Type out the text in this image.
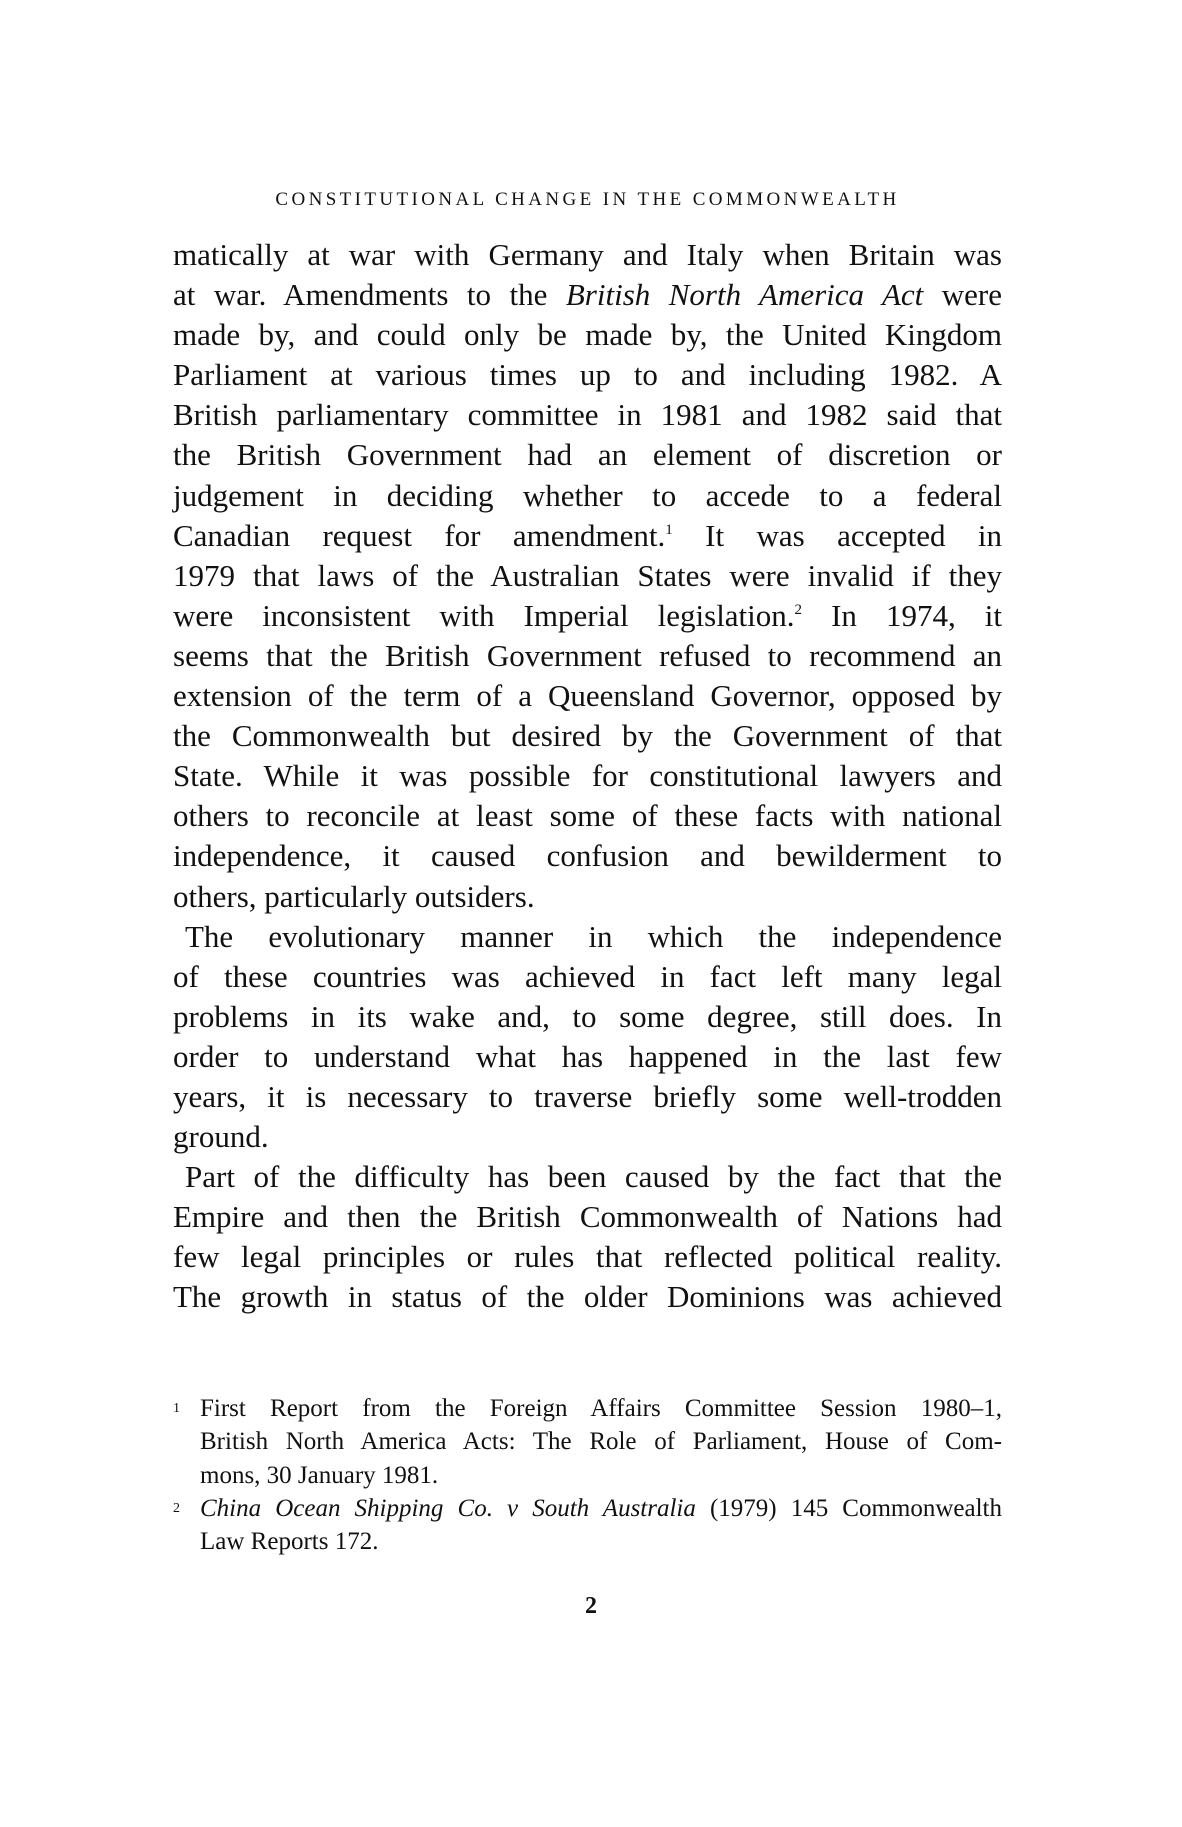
CONSTITUTIONAL CHANGE IN THE COMMONWEALTH
matically at war with Germany and Italy when Britain was
at war. Amendments to the British North America Act were
made by, and could only be made by, the United Kingdom
Parliament at various times up to and including 1982. A
British parliamentary committee in 1981 and 1982 said that
the British Government had an element of discretion or
judgement in deciding whether to accede to a federal
Canadian request for amendment.$^1$ It was accepted in
1979 that laws of the Australian States were invalid if they
were inconsistent with Imperial legislation.$^2$ In 1974, it
seems that the British Government refused to recommend an
extension of the term of a Queensland Governor, opposed by
the Commonwealth but desired by the Government of that
State. While it was possible for constitutional lawyers and
others to reconcile at least some of these facts with national
independence, it caused confusion and bewilderment to
others, particularly outsiders.
The evolutionary manner in which the independence
of these countries was achieved in fact left many legal
problems in its wake and, to some degree, still does. In
order to understand what has happened in the last few
years, it is necessary to traverse briefly some well-trodden
ground.
Part of the difficulty has been caused by the fact that the
Empire and then the British Commonwealth of Nations had
few legal principles or rules that reflected political reality.
The growth in status of the older Dominions was achieved
1 First Report from the Foreign Affairs Committee Session 1980–1,
British North America Acts: The Role of Parliament, House of Com-
mons, 30 January 1981.
2 China Ocean Shipping Co. v South Australia (1979) 145 Commonwealth
Law Reports 172.
2
